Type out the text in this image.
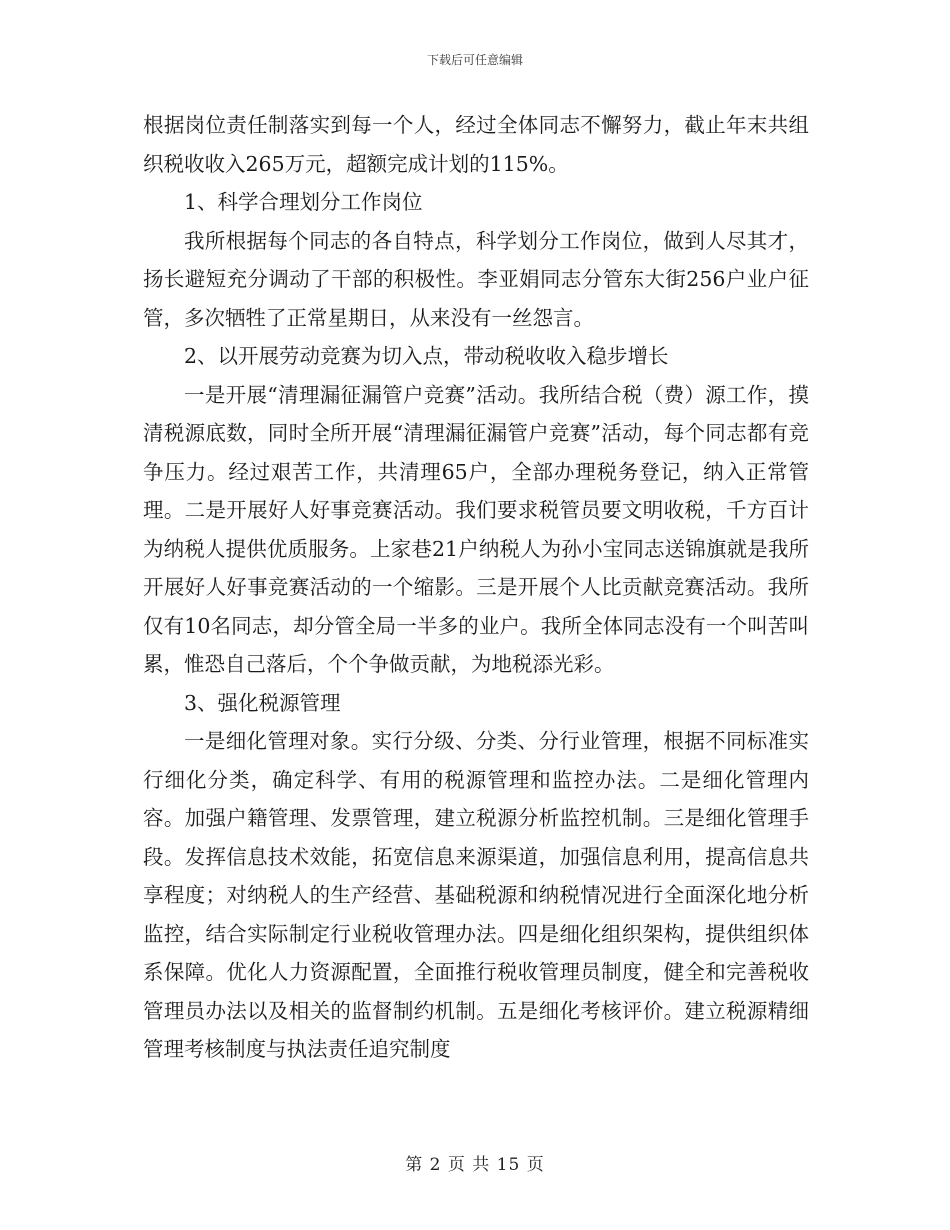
下载后可任意编辑

根据岗位责任制落实到每一个人，经过全体同志不懈努力，截止年末共组织税收收入265万元，超额完成计划的115%。

1、科学合理划分工作岗位

我所根据每个同志的各自特点，科学划分工作岗位，做到人尽其才，扬长避短充分调动了干部的积极性。李亚娟同志分管东大街256户业户征管，多次牺牲了正常星期日，从来没有一丝怨言。

2、以开展劳动竞赛为切入点，带动税收收入稳步增长

一是开展“清理漏征漏管户竞赛”活动。我所结合税（费）源工作，摸清税源底数，同时全所开展“清理漏征漏管户竞赛”活动，每个同志都有竞争压力。经过艰苦工作，共清理65户，全部办理税务登记，纳入正常管理。二是开展好人好事竞赛活动。我们要求税管员要文明收税，千方百计为纳税人提供优质服务。上家巷21户纳税人为孙小宝同志送锦旗就是我所开展好人好事竞赛活动的一个缩影。三是开展个人比贡献竞赛活动。我所仅有10名同志，却分管全局一半多的业户。我所全体同志没有一个叫苦叫累，惟恐自己落后，个个争做贡献，为地税添光彩。

3、强化税源管理

一是细化管理对象。实行分级、分类、分行业管理，根据不同标准实行细化分类，确定科学、有用的税源管理和监控办法。二是细化管理内容。加强户籍管理、发票管理，建立税源分析监控机制。三是细化管理手段。发挥信息技术效能，拓宽信息来源渠道，加强信息利用，提高信息共享程度；对纳税人的生产经营、基础税源和纳税情况进行全面深化地分析监控，结合实际制定行业税收管理办法。四是细化组织架构，提供组织体系保障。优化人力资源配置，全面推行税收管理员制度，健全和完善税收管理员办法以及相关的监督制约机制。五是细化考核评价。建立税源精细管理考核制度与执法责任追究制度

第 2 页 共 15 页
